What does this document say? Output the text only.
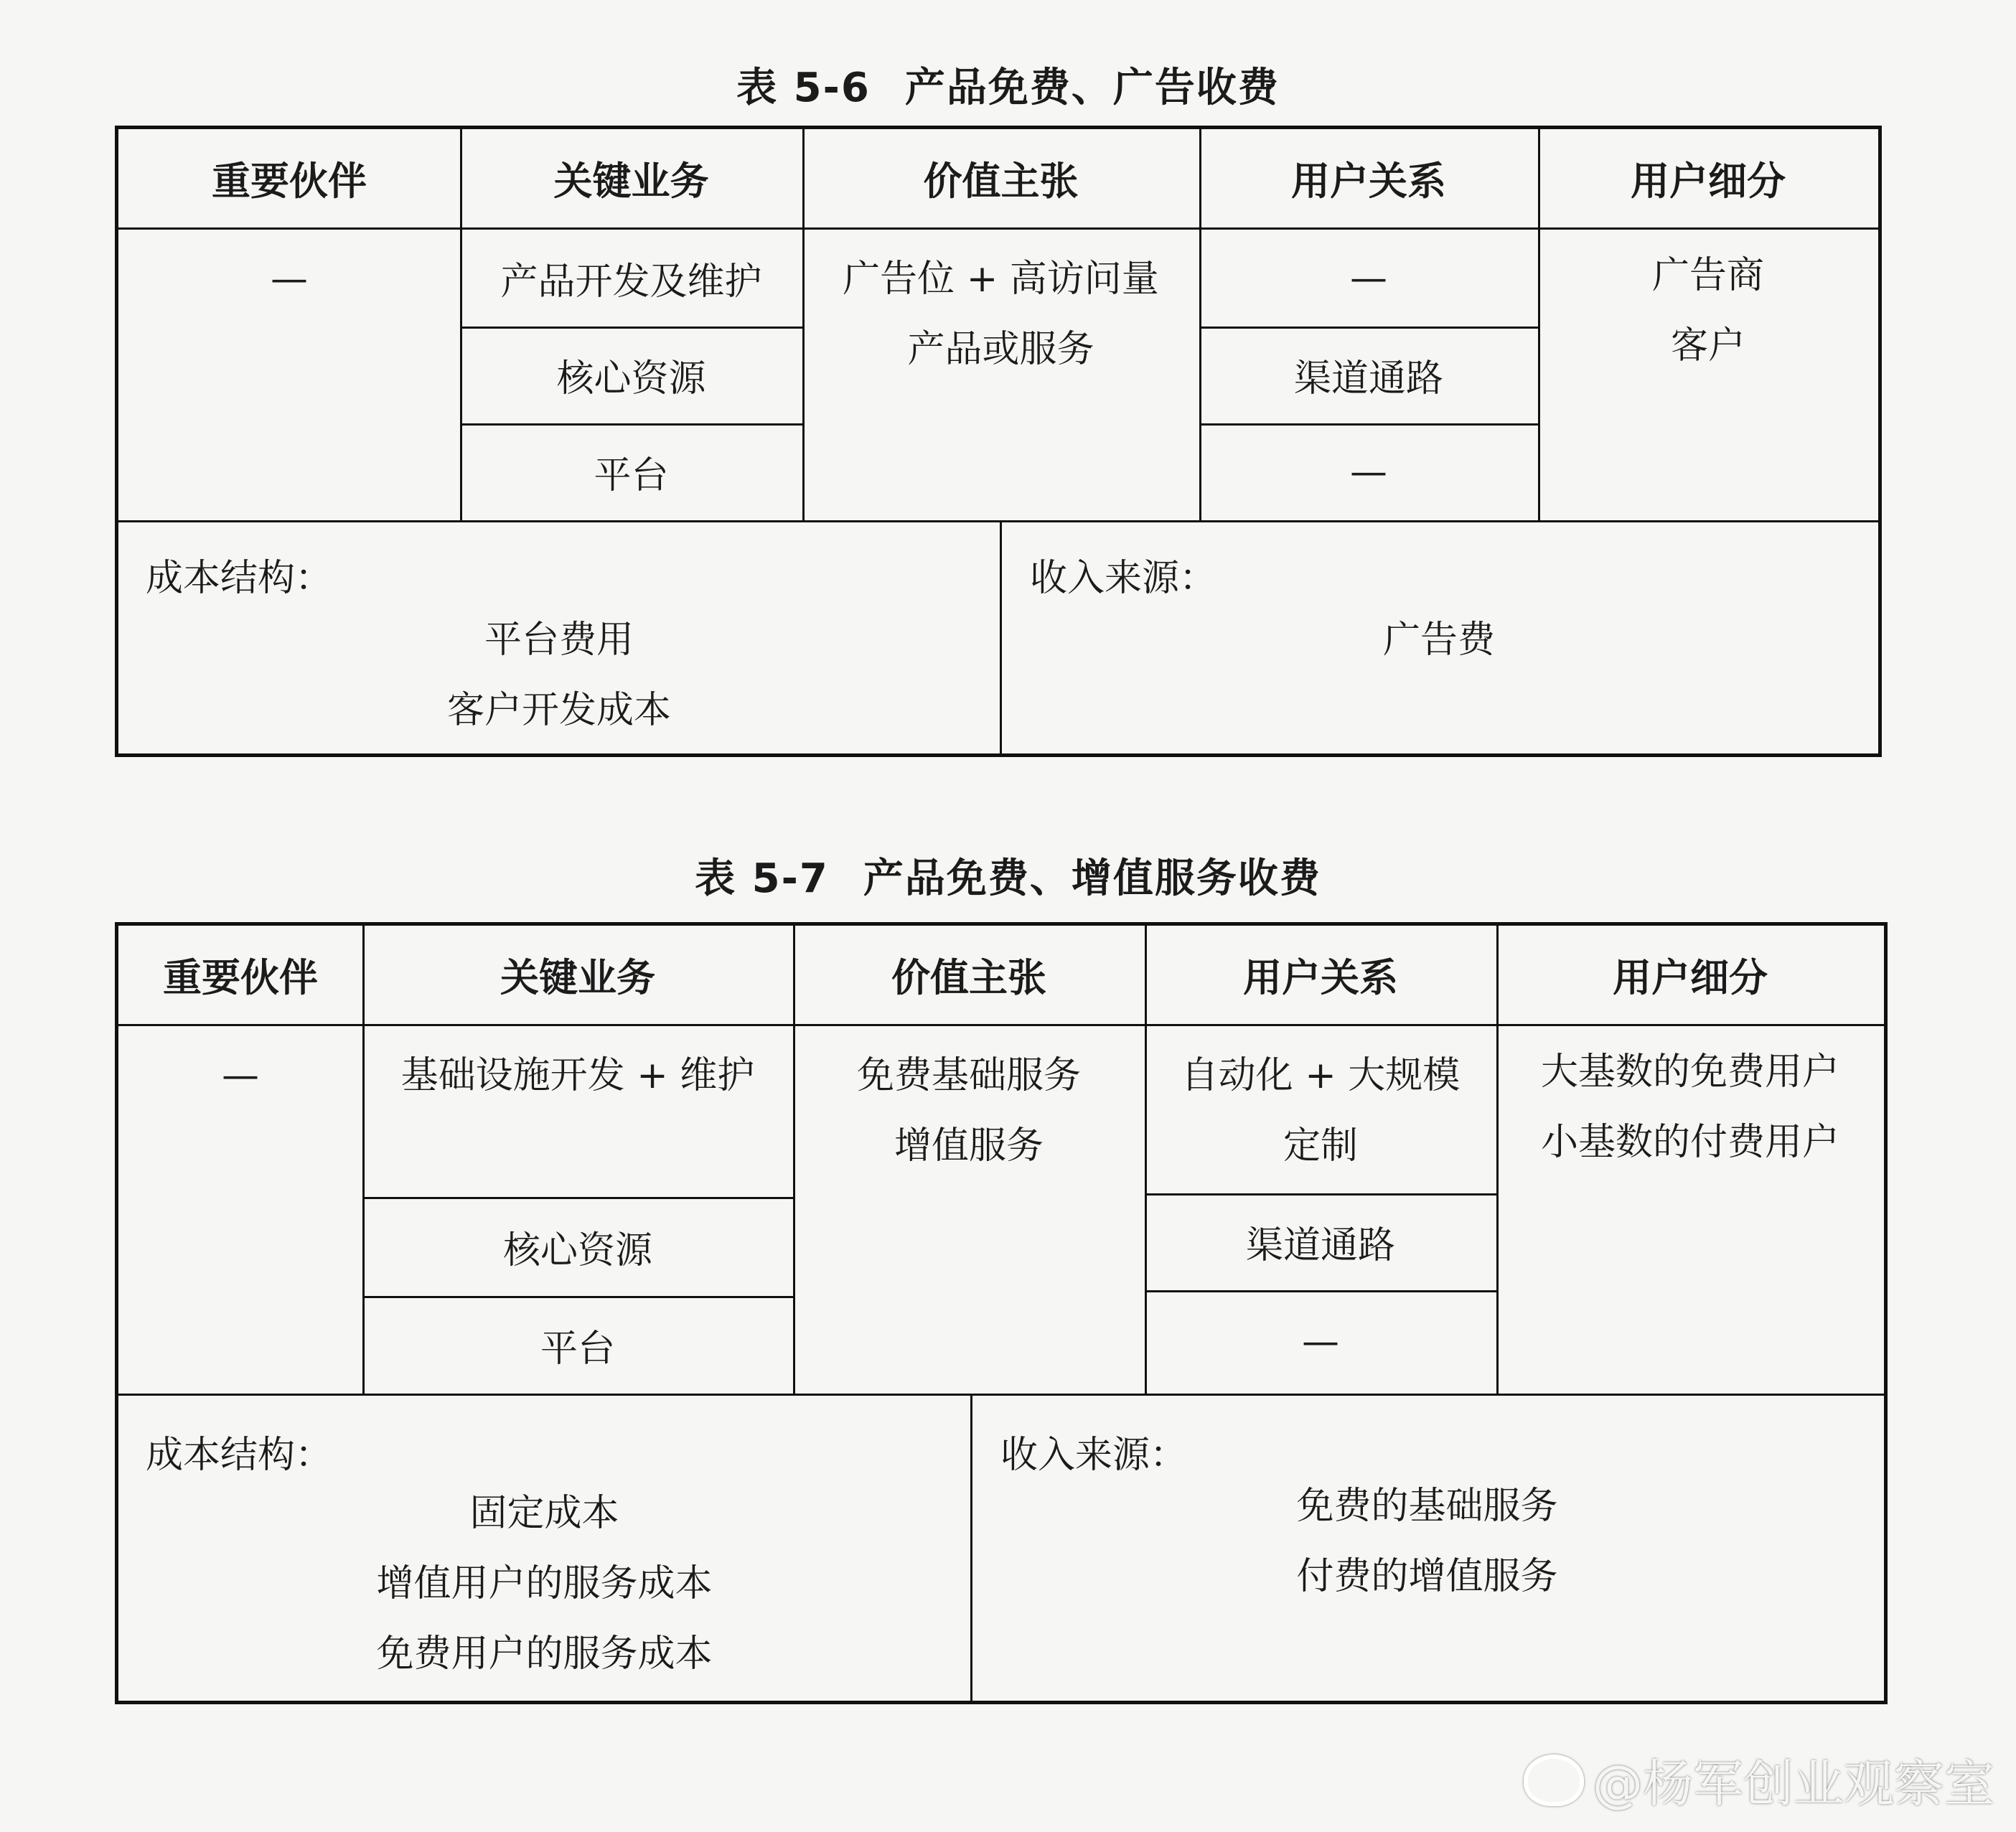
表 5-6 产品免费、广告收费
重要伙伴
—
关键业务
产品开发及维护
核心资源
平台
价值主张
广告位 + 高访问量
产品或服务
用户关系
—
渠道通路
—
用户细分
广告商
客户
成本结构：
平台费用
客户开发成本
收入来源：
广告费
表 5-7 产品免费、增值服务收费
重要伙伴
—
关键业务
基础设施开发 + 维护
核心资源
平台
价值主张
免费基础服务
增值服务
用户关系
自动化 + 大规模
定制
渠道通路
—
用户细分
大基数的免费用户
小基数的付费用户
成本结构：
固定成本
增值用户的服务成本
免费用户的服务成本
收入来源：
免费的基础服务
付费的增值服务
@杨军创业观察室
